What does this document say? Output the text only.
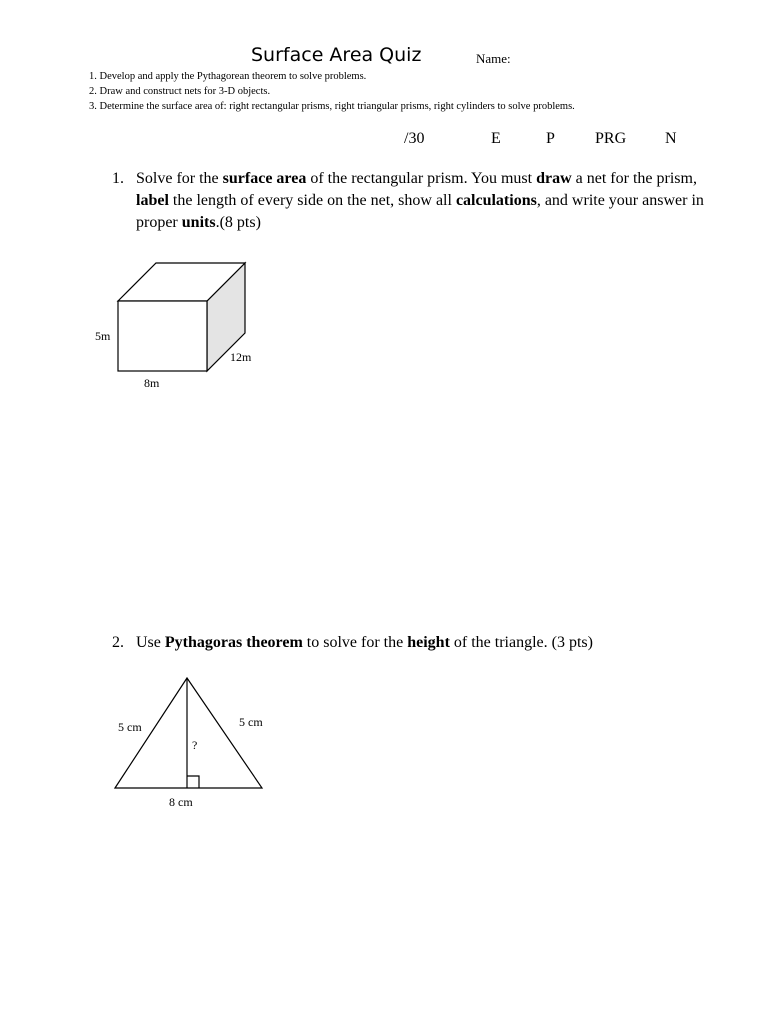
Surface Area Quiz	Name:
1. Develop and apply the Pythagorean theorem to solve problems.
2. Draw and construct nets for 3-D objects.
3. Determine the surface area of: right rectangular prisms, right triangular prisms, right cylinders to solve problems.
/30	E	P	PRG N
1. Solve for the surface area of the rectangular prism. You must draw a net for the prism, label the length of every side on the net, show all calculations, and write your answer in proper units.(8 pts)
2. Use Pythagoras theorem to solve for the height of the triangle. (3 pts)
5m
12m
8m
5 cm	5 cm
?
8 cm
